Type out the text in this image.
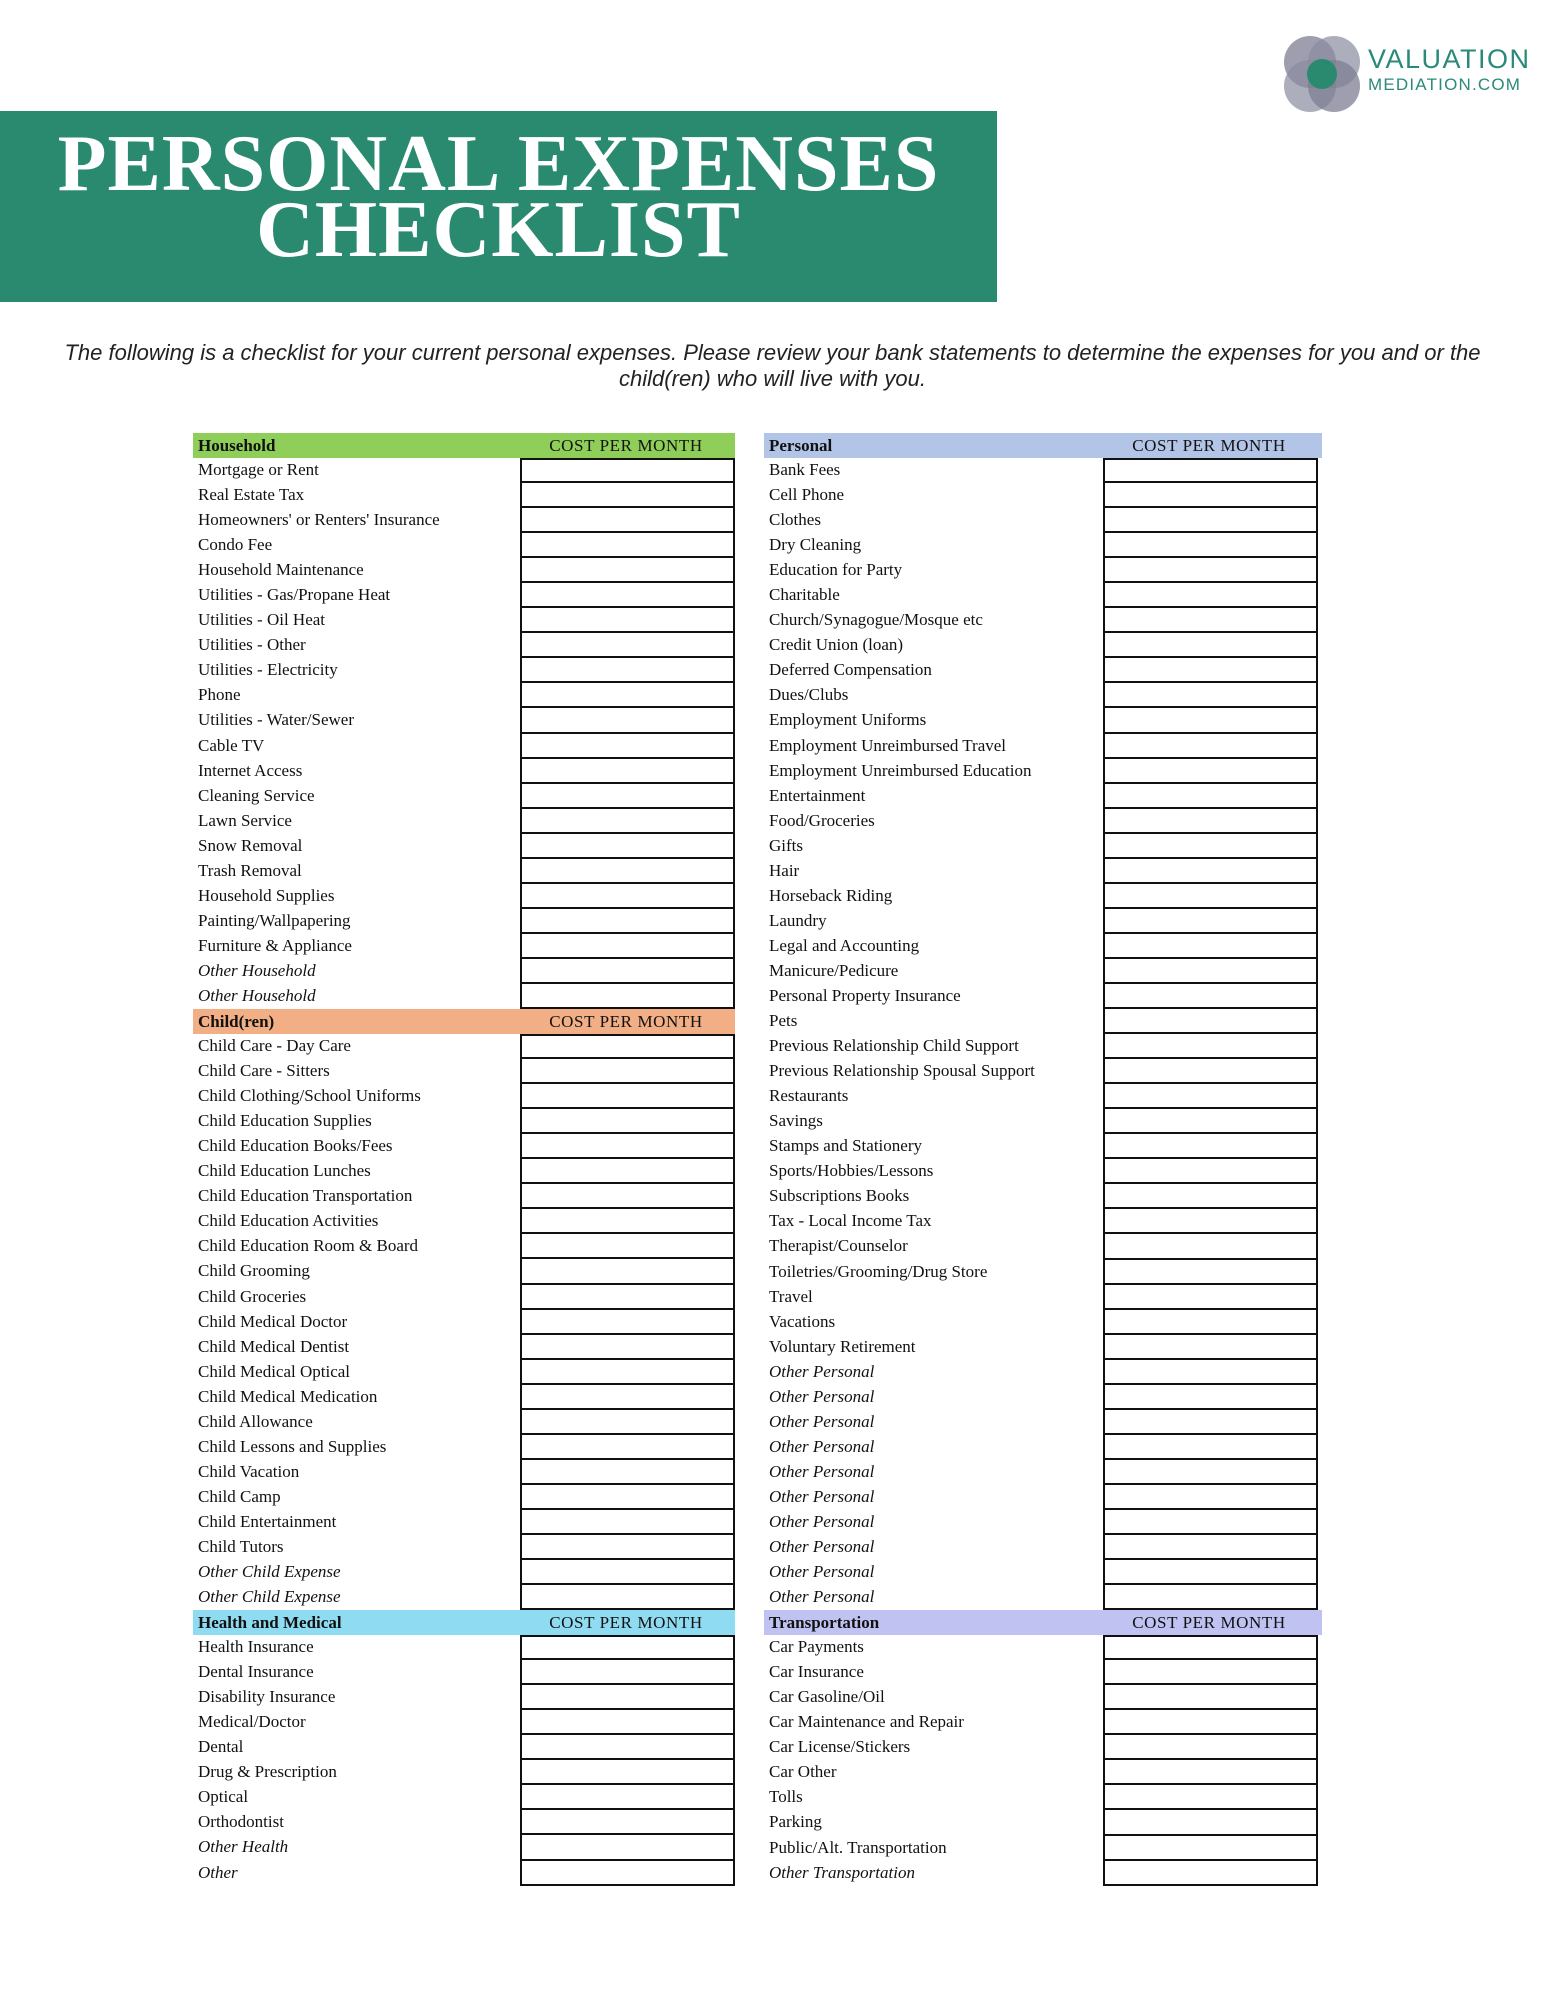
VALUATION
MEDIATION.COM
PERSONAL EXPENSES
CHECKLIST

The following is a checklist for your current personal expenses. Please review your bank statements to determine the expenses for you and or the child(ren) who will live with you.

Household	COST PER MONTH
Mortgage or Rent
Real Estate Tax
Homeowners' or Renters' Insurance
Condo Fee
Household Maintenance
Utilities - Gas/Propane Heat
Utilities - Oil Heat
Utilities - Other
Utilities - Electricity
Phone
Utilities - Water/Sewer
Cable TV
Internet Access
Cleaning Service
Lawn Service
Snow Removal
Trash Removal
Household Supplies
Painting/Wallpapering
Furniture & Appliance
Other Household
Other Household
Child(ren)	COST PER MONTH
Child Care - Day Care
Child Care - Sitters
Child Clothing/School Uniforms
Child Education Supplies
Child Education Books/Fees
Child Education Lunches
Child Education Transportation
Child Education Activities
Child Education Room & Board
Child Grooming
Child Groceries
Child Medical Doctor
Child Medical Dentist
Child Medical Optical
Child Medical Medication
Child Allowance
Child Lessons and Supplies
Child Vacation
Child Camp
Child Entertainment
Child Tutors
Other Child Expense
Other Child Expense
Health and Medical	COST PER MONTH
Health Insurance
Dental Insurance
Disability Insurance
Medical/Doctor
Dental
Drug & Prescription
Optical
Orthodontist
Other Health
Other
Personal	COST PER MONTH
Bank Fees
Cell Phone
Clothes
Dry Cleaning
Education for Party
Charitable
Church/Synagogue/Mosque etc
Credit Union (loan)
Deferred Compensation
Dues/Clubs
Employment Uniforms
Employment Unreimbursed Travel
Employment Unreimbursed Education
Entertainment
Food/Groceries
Gifts
Hair
Horseback Riding
Laundry
Legal and Accounting
Manicure/Pedicure
Personal Property Insurance
Pets
Previous Relationship Child Support
Previous Relationship Spousal Support
Restaurants
Savings
Stamps and Stationery
Sports/Hobbies/Lessons
Subscriptions Books
Tax - Local Income Tax
Therapist/Counselor
Toiletries/Grooming/Drug Store
Travel
Vacations
Voluntary Retirement
Other Personal
Other Personal
Other Personal
Other Personal
Other Personal
Other Personal
Other Personal
Other Personal
Other Personal
Other Personal
Transportation	COST PER MONTH
Car Payments
Car Insurance
Car Gasoline/Oil
Car Maintenance and Repair
Car License/Stickers
Car Other
Tolls
Parking
Public/Alt. Transportation
Other Transportation
